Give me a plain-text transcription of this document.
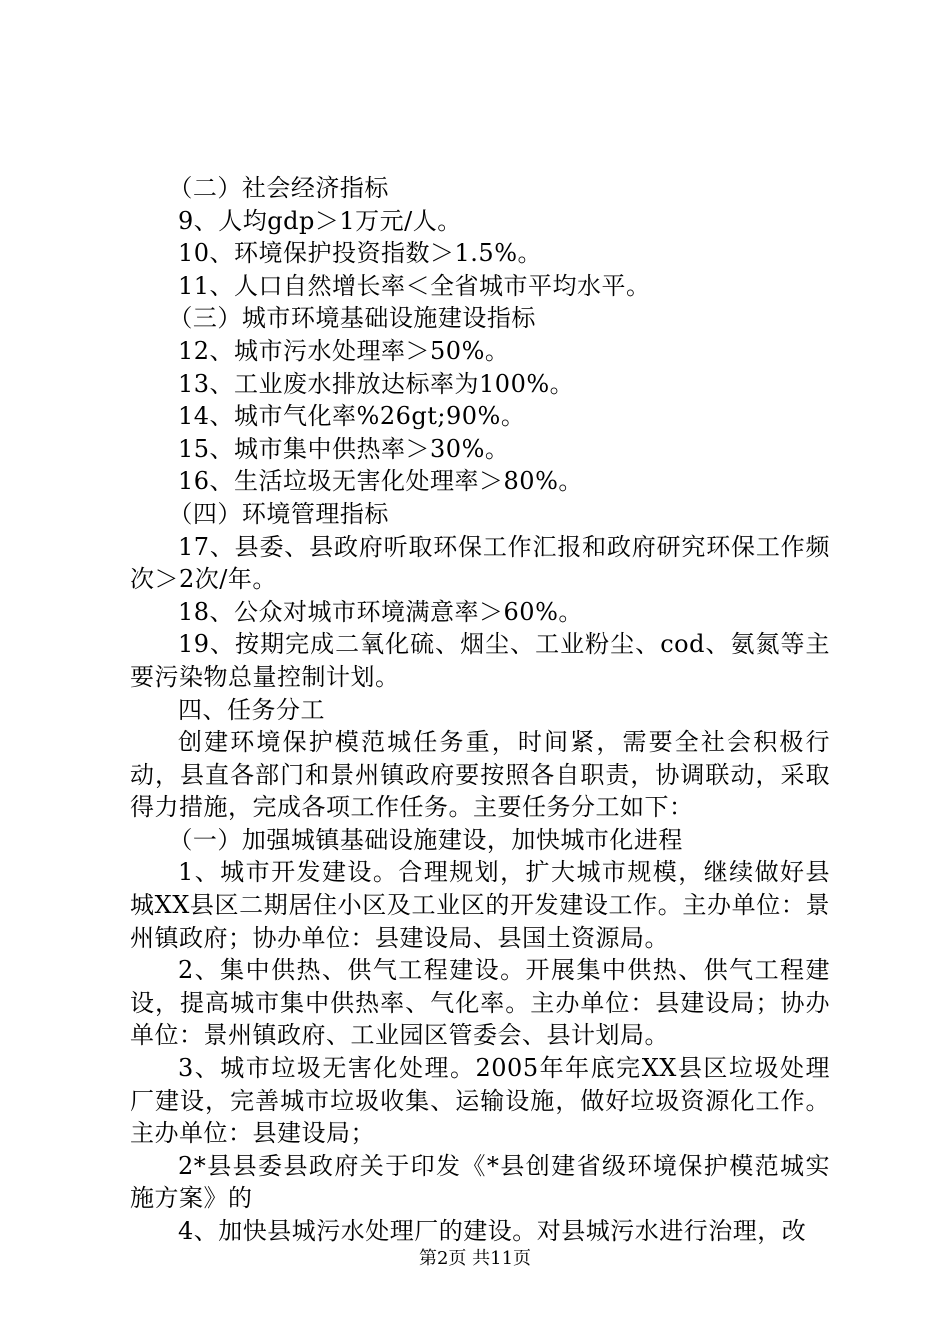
（二）社会经济指标

9、人均gdp＞1万元/人。

10、环境保护投资指数＞1.5%。

11、人口自然增长率＜全省城市平均水平。

（三）城市环境基础设施建设指标

12、城市污水处理率＞50%。

13、工业废水排放达标率为100%。

14、城市气化率%26gt;90%。

15、城市集中供热率＞30%。

16、生活垃圾无害化处理率＞80%。

（四）环境管理指标

17、县委、县政府听取环保工作汇报和政府研究环保工作频次＞2次/年。

18、公众对城市环境满意率＞60%。

19、按期完成二氧化硫、烟尘、工业粉尘、cod、氨氮等主要污染物总量控制计划。

四、任务分工

创建环境保护模范城任务重，时间紧，需要全社会积极行动，县直各部门和景州镇政府要按照各自职责，协调联动，采取得力措施，完成各项工作任务。主要任务分工如下：

（一）加强城镇基础设施建设，加快城市化进程

1、城市开发建设。合理规划，扩大城市规模，继续做好县城XX县区二期居住小区及工业区的开发建设工作。主办单位：景州镇政府；协办单位：县建设局、县国土资源局。

2、集中供热、供气工程建设。开展集中供热、供气工程建设，提高城市集中供热率、气化率。主办单位：县建设局；协办单位：景州镇政府、工业园区管委会、县计划局。

3、城市垃圾无害化处理。2005年年底完XX县区垃圾处理厂建设，完善城市垃圾收集、运输设施，做好垃圾资源化工作。主办单位：县建设局；

2*县县委县政府关于印发《*县创建省级环境保护模范城实施方案》的

4、加快县城污水处理厂的建设。对县城污水进行治理，改

第2页 共11页
